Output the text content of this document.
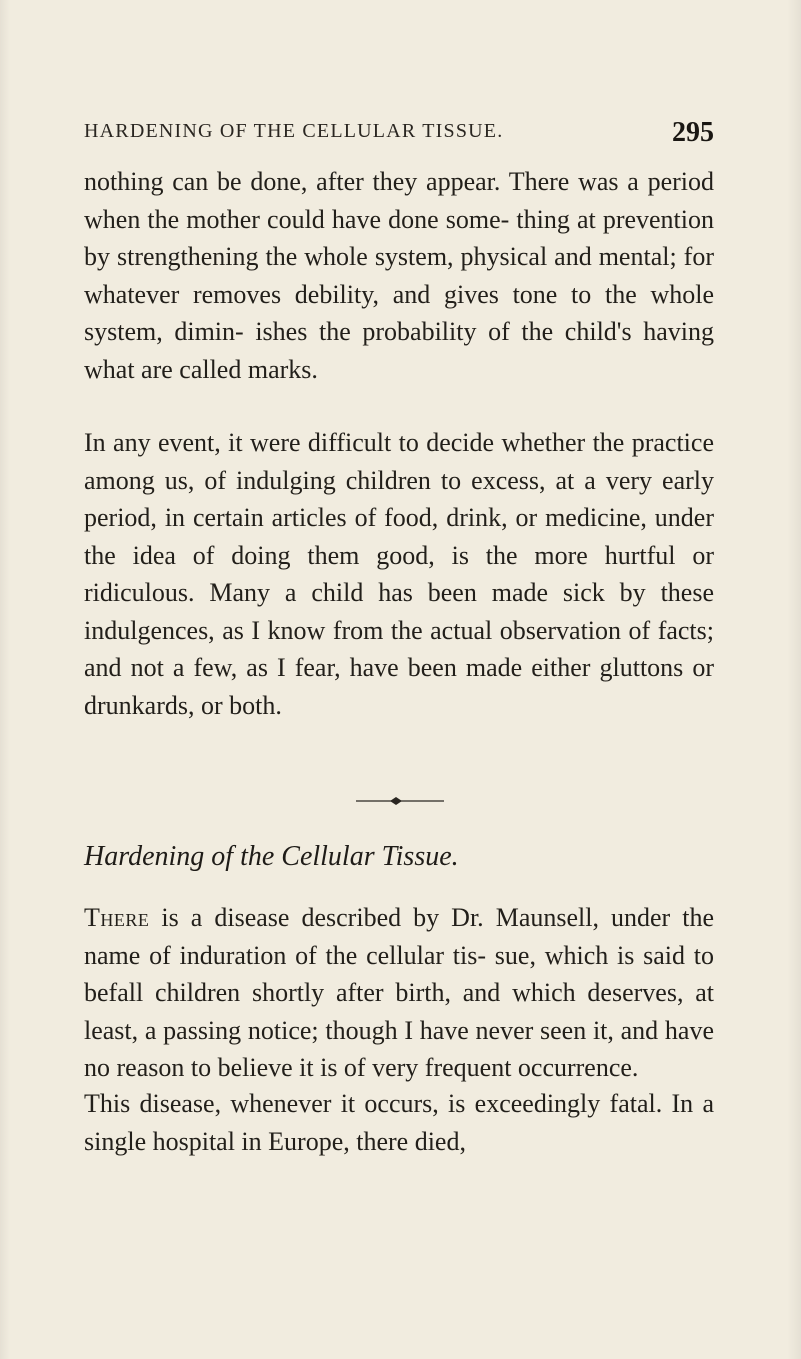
HARDENING OF THE CELLULAR TISSUE.	295

nothing can be done, after they appear. There was a period when the mother could have done some- thing at prevention by strengthening the whole system, physical and mental; for whatever removes debility, and gives tone to the whole system, dimin- ishes the probability of the child's having what are called marks.

In any event, it were difficult to decide whether the practice among us, of indulging children to excess, at a very early period, in certain articles of food, drink, or medicine, under the idea of doing them good, is the more hurtful or ridiculous. Many a child has been made sick by these indulgences, as I know from the actual observation of facts; and not a few, as I fear, have been made either gluttons or drunkards, or both.

Hardening of the Cellular Tissue.

There is a disease described by Dr. Maunsell, under the name of induration of the cellular tis- sue, which is said to befall children shortly after birth, and which deserves, at least, a passing notice; though I have never seen it, and have no reason to believe it is of very frequent occurrence.

This disease, whenever it occurs, is exceedingly fatal. In a single hospital in Europe, there died,
